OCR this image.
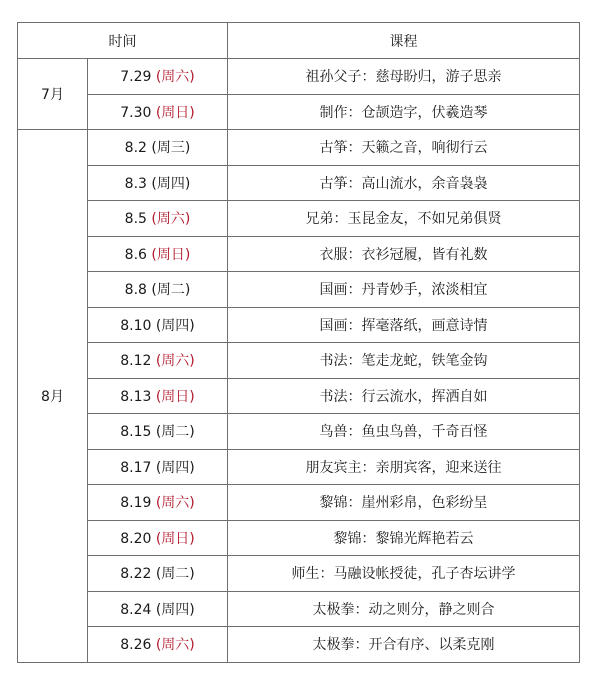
时间		课程
7月	7.29 (周六)	祖孙父子：慈母盼归，游子思亲
	7.30 (周日)	制作：仓颉造字，伏羲造琴
8月	8.2 (周三)	古筝：天籁之音，响彻行云
	8.3 (周四)	古筝：高山流水，余音袅袅
	8.5 (周六)	兄弟：玉昆金友，不如兄弟俱贤
	8.6 (周日)	衣服：衣衫冠履，皆有礼数
	8.8 (周二)	国画：丹青妙手，浓淡相宜
	8.10 (周四)	国画：挥毫落纸，画意诗情
	8.12 (周六)	书法：笔走龙蛇，铁笔金钩
	8.13 (周日)	书法：行云流水，挥洒自如
	8.15 (周二)	鸟兽：鱼虫鸟兽，千奇百怪
	8.17 (周四)	朋友宾主：亲朋宾客，迎来送往
	8.19 (周六)	黎锦：崖州彩帛，色彩纷呈
	8.20 (周日)	黎锦：黎锦光辉艳若云
	8.22 (周二)	师生：马融设帐授徒，孔子杏坛讲学
	8.24 (周四)	太极拳：动之则分，静之则合
	8.26 (周六)	太极拳：开合有序、以柔克刚
